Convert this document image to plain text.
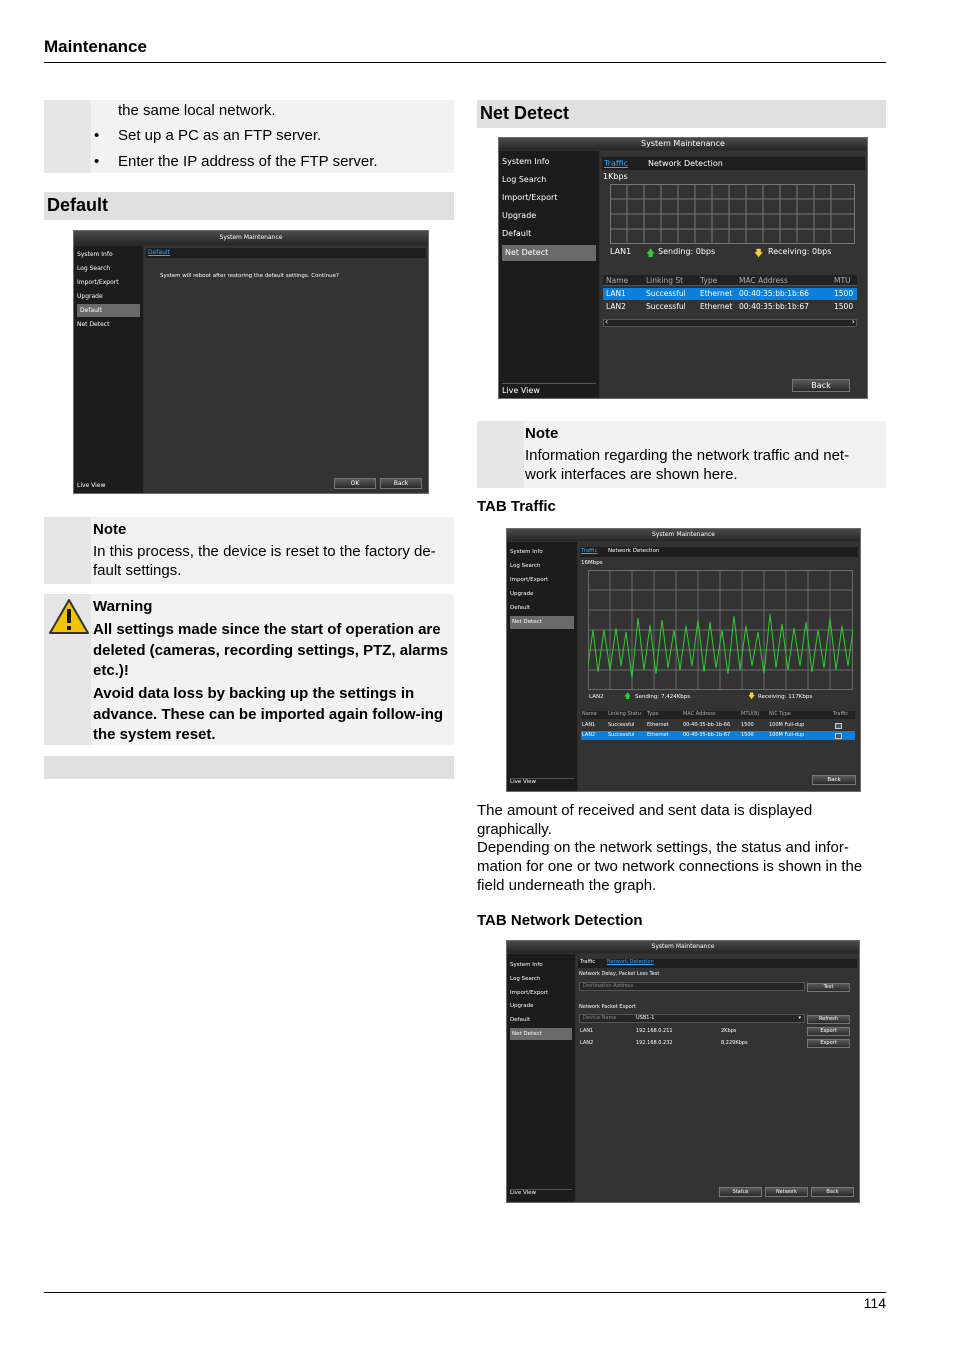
Maintenance
the same local network.
• Set up a PC as an FTP server.
• Enter the IP address of the FTP server.
Default
System Maintenance
System Info
Log Search
Import/Export
Upgrade
Default
Net Detect
Live View
Default
System will reboot after restoring the default settings. Continue?
OK	Back
Note
In this process, the device is reset to the factory de-fault settings.
Warning
All settings made since the start of operation are deleted (cameras, recording settings, PTZ, alarms etc.)!
Avoid data loss by backing up the settings in advance. These can be imported again follow-ing the system reset.
Net Detect
System Maintenance
System Info
Log Search
Import/Export
Upgrade
Default
Net Detect
Live View
Traffic Network Detection
1Kbps
LAN1 🡅 Sending: 0bps	🡇 Receiving: 0bps
Name Linking St Type	MAC Address	MTU
LAN1	Successful Ethernet 00:40:35:bb:1b:66	1500
LAN2	Successful Ethernet 00:40:35:bb:1b:67	1500
‹	›
Back
Note
Information regarding the network traffic and net-work interfaces are shown here.
TAB Traffic
System Maintenance
System Info
Log Search
Import/Export
Upgrade
Default
Net Detect
Live View
Traffic Network Detection
16Mbps
LAN2	🡅 Sending: 7,424Kbps	🡇 Receiving: 117Kbps
Name Linking Statu Type	MAC Address	MTU(B) NIC Type	Traffic
LAN1	Successful	Ethernet	00-40-35-bb-1b-66 1500	100M Full-dup
LAN2	Successful	Ethernet	00-40-35-bb-1b-67 1500	100M Full-dup
Back
The amount of received and sent data is displayed graphically.
Depending on the network settings, the status and infor-mation for one or two network connections is shown in the field underneath the graph.
TAB Network Detection
System Maintenance
System Info
Log Search
Import/Export
Upgrade
Default
Net Detect
Live View
Traffic Network Detection
Network Delay, Packet Loss Test
Destination Address	Test
Network Packet Export
Device Name	USB1-1	▾	Refresh
LAN1	192.168.0.211	2Kbps	Export
LAN2	192.168.0.232	8,229Kbps	Export
Status	Network	Back
114
